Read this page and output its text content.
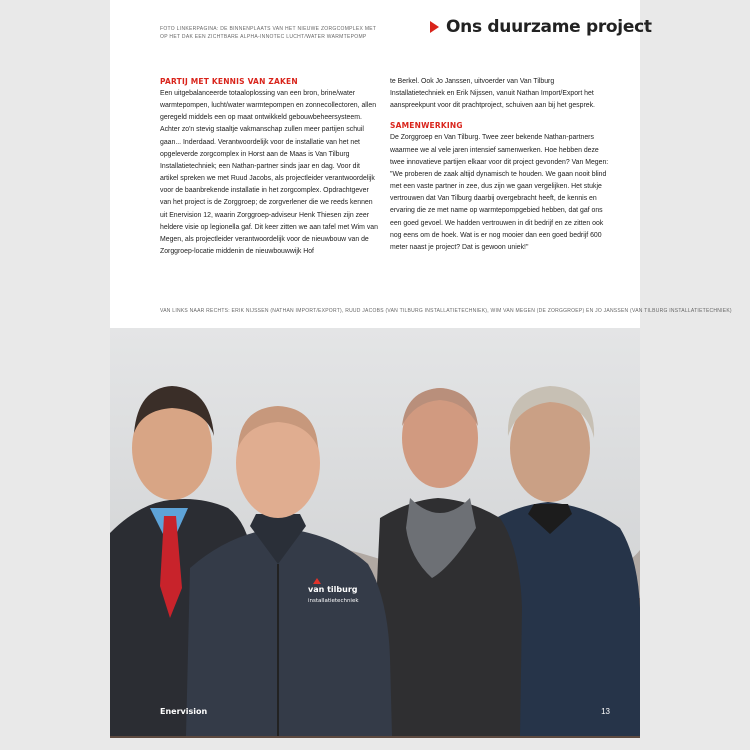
FOTO LINKERPAGINA: DE BINNENPLAATS VAN HET NIEUWE ZORGCOMPLEX MET OP HET DAK EEN ZICHTBARE ALPHA-INNOTEC LUCHT/WATER WARMTEPOMP	Ons duurzame project
PARTIJ MET KENNIS VAN ZAKEN

Een uitgebalanceerde totaaloplossing van een bron, brine/water warmtepompen, lucht/water warmtepompen en zonnecollectoren, allen geregeld middels een op maat ontwikkeld gebouwbeheersysteem. Achter zo'n stevig staaltje vakmanschap zullen meer partijen schuil gaan... Inderdaad. Verantwoordelijk voor de installatie van het net opgeleverde zorgcomplex in Horst aan de Maas is Van Tilburg Installatietechniek; een Nathan-partner sinds jaar en dag. Voor dit artikel spreken we met Ruud Jacobs, als projectleider verantwoordelijk voor de baanbrekende installatie in het zorgcomplex. Opdrachtgever van het project is de Zorggroep; de zorgverlener die we reeds kennen uit Enervision 12, waarin Zorggroep-adviseur Henk Thiesen zijn zeer heldere visie op legionella gaf. Dit keer zitten we aan tafel met Wim van Megen, als projectleider verantwoordelijk voor de nieuwbouw van de Zorggroep-locatie middenin de nieuwbouwwijk Hof

te Berkel. Ook Jo Janssen, uitvoerder van Van Tilburg Installatietechniek en Erik Nijssen, vanuit Nathan Import/Export het aanspreekpunt voor dit prachtproject, schuiven aan bij het gesprek.

SAMENWERKING

De Zorggroep en Van Tilburg. Twee zeer bekende Nathan-partners waarmee we al vele jaren intensief samenwerken. Hoe hebben deze twee innovatieve partijen elkaar voor dit project gevonden? Van Megen: "We proberen de zaak altijd dynamisch te houden. We gaan nooit blind met een vaste partner in zee, dus zijn we gaan vergelijken. Het stukje vertrouwen dat Van Tilburg daarbij overgebracht heeft, de kennis en ervaring die ze met name op warmtepompgebied hebben, dat gaf ons een goed gevoel. We hadden vertrouwen in dit bedrijf en ze zitten ook nog eens om de hoek. Wat is er nog mooier dan een goed bedrijf 600 meter naast je project? Dat is gewoon uniek!"

VAN LINKS NAAR RECHTS: ERIK NIJSSEN (NATHAN IMPORT/EXPORT), RUUD JACOBS (VAN TILBURG INSTALLATIETECHNIEK), WIM VAN MEGEN (DE ZORGGROEP) EN JO JANSSEN (VAN TILBURG INSTALLATIETECHNIEK)
van tilburg
installatietechniek
Enervision	13
